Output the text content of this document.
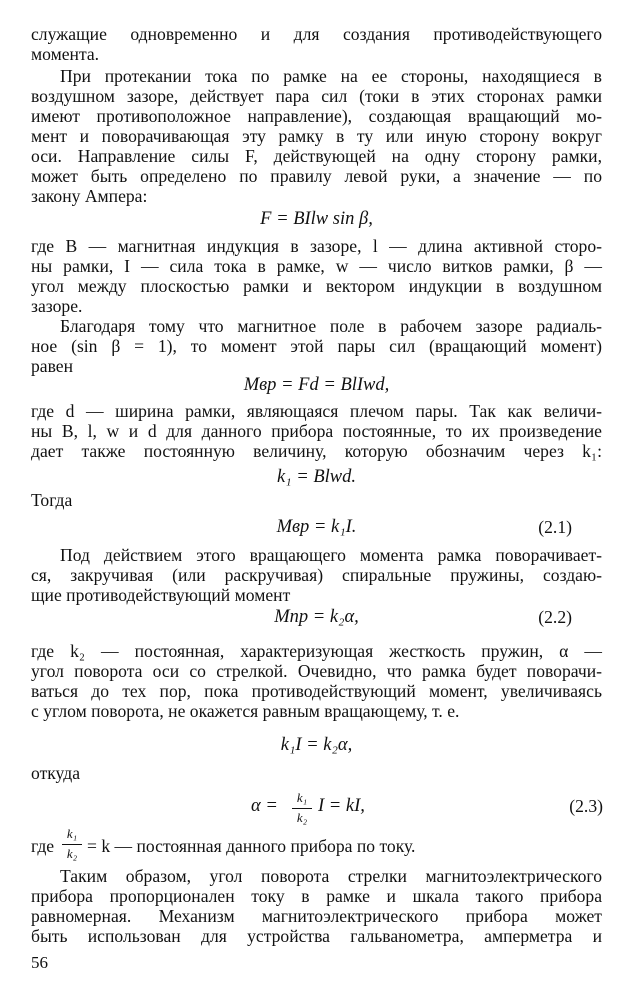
служащие одновременно и для создания противодействующего
момента.
При протекании тока по рамке на ее стороны, находящиеся в
воздушном зазоре, действует пара сил (токи в этих сторонах рамки
имеют противоположное направление), создающая вращающий мо-
мент и поворачивающая эту рамку в ту или иную сторону вокруг
оси. Направление силы F, действующей на одну сторону рамки,
может быть определено по правилу левой руки, а значение — по
закону Ампера:
F = BIlw sin β,
где B — магнитная индукция в зазоре, l — длина активной сторо-
ны рамки, I — сила тока в рамке, w — число витков рамки, β —
угол между плоскостью рамки и вектором индукции в воздушном
зазоре.
Благодаря тому что магнитное поле в рабочем зазоре радиаль-
ное (sin β = 1), то момент этой пары сил (вращающий момент)
равен
Mвр = Fd = BlIwd,
где d — ширина рамки, являющаяся плечом пары. Так как величи-
ны B, l, w и d для данного прибора постоянные, то их произведение
дает также постоянную величину, которую обозначим через k₁:
k₁ = Blwd.
Тогда
Mвр = k₁I.	(2.1)
Под действием этого вращающего момента рамка поворачивает-
ся, закручивая (или раскручивая) спиральные пружины, создаю-
щие противодействующий момент
Mпр = k₂α,	(2.2)
где k₂ — постоянная, характеризующая жесткость пружин, α —
угол поворота оси со стрелкой. Очевидно, что рамка будет поворачи-
ваться до тех пор, пока противодействующий момент, увеличиваясь
с углом поворота, не окажется равным вращающему, т. е.
k₁I = k₂α,
откуда
α =	k₁
k₂
I = kI,	(2.3)
где
k₁
k₂ = k — постоянная данного прибора по току.
Таким образом, угол поворота стрелки магнитоэлектрического
прибора пропорционален току в рамке и шкала такого прибора
равномерная. Механизм магнитоэлектрического прибора может
быть использован для устройства гальванометра, амперметра и
56
